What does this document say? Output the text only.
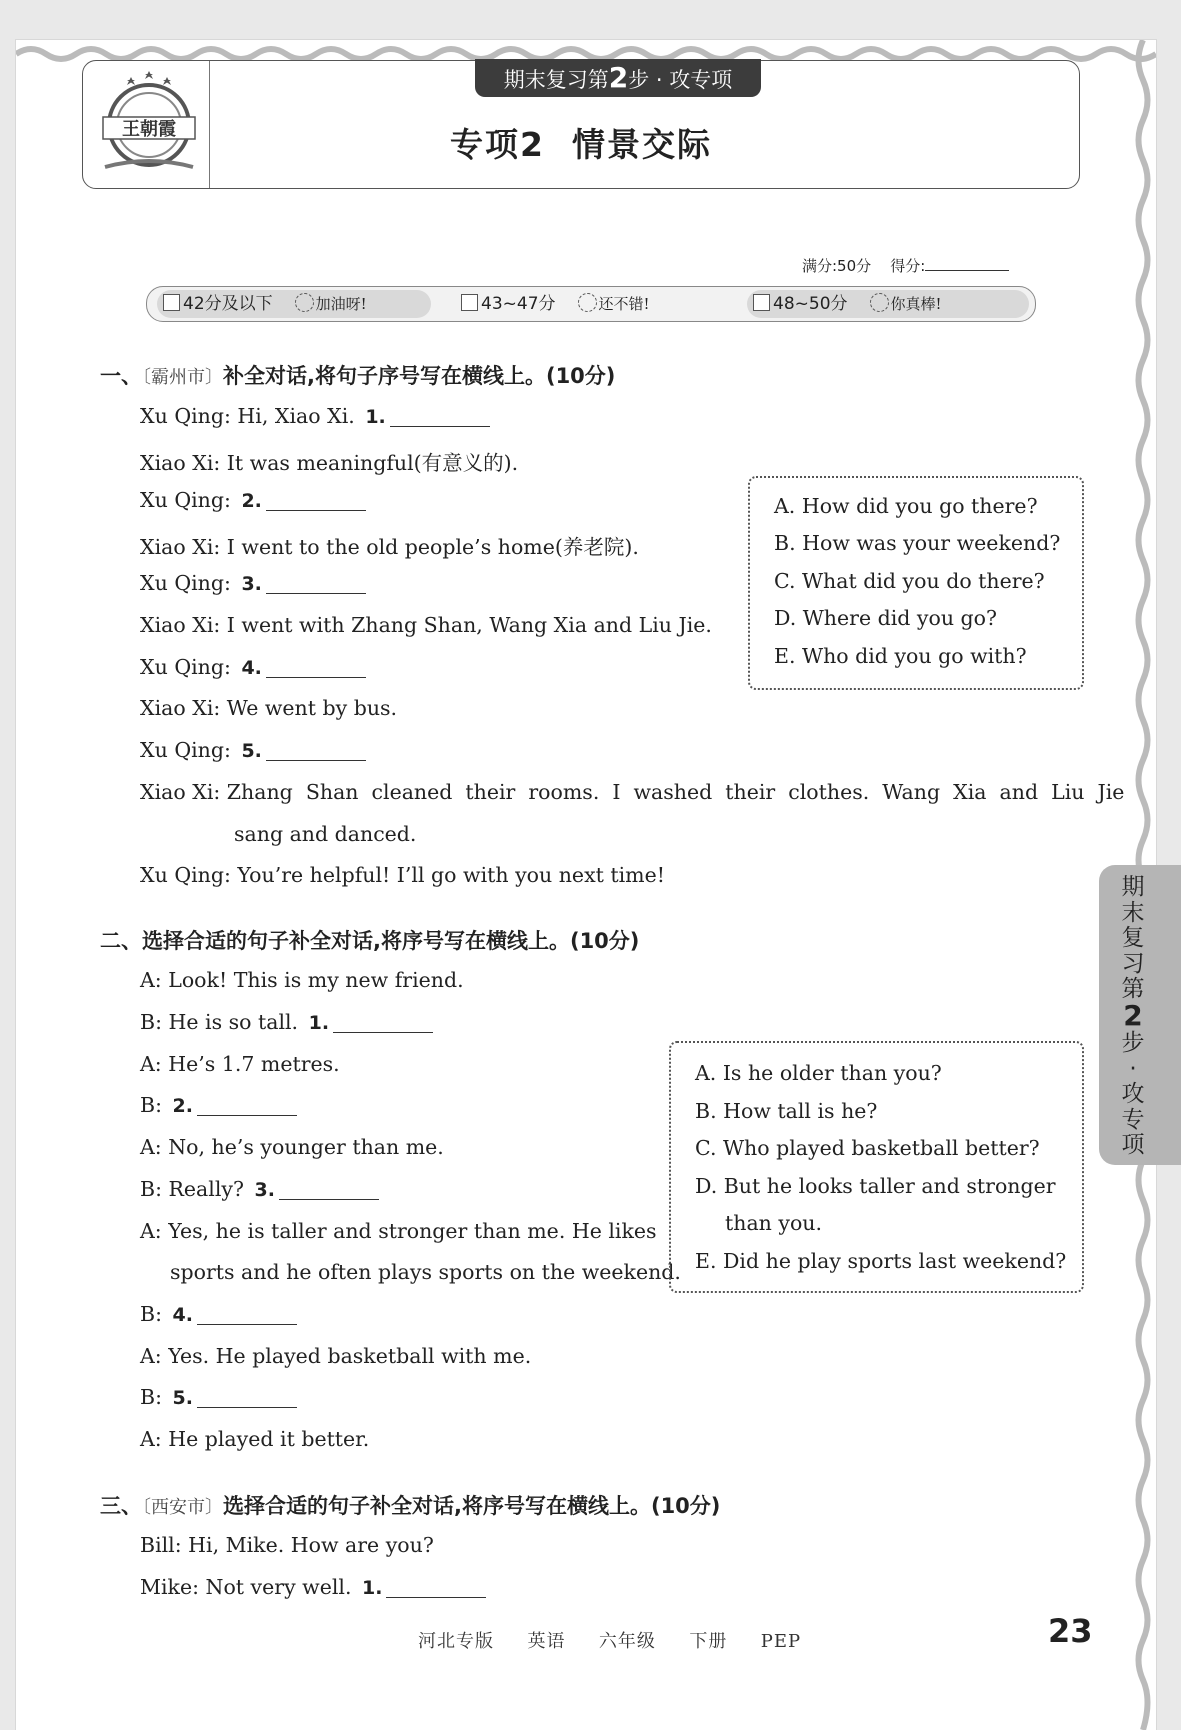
王朝霞
期末复习第2步 · 攻专项
专项2  情景交际
满分:50分 得分:
42分及以下	加油呀!	43~47分	还不错!	48~50分	你真棒!
一、〔霸州市〕补全对话,将句子序号写在横线上。(10分)
Xu Qing: Hi, Xiao Xi. 1.
Xiao Xi: It was meaningful(有意义的).
Xu Qing: 2.
Xiao Xi: I went to the old people’s home(养老院).
Xu Qing: 3.
Xiao Xi: I went with Zhang Shan, Wang Xia and Liu Jie.
Xu Qing: 4.
Xiao Xi: We went by bus.
Xu Qing: 5.
Xiao Xi: Zhang  Shan  cleaned  their  rooms.  I  washed  their  clothes.  Wang  Xia  and  Liu  Jie
sang and danced.
Xu Qing: You’re helpful! I’ll go with you next time!
A. How did you go there?
B. How was your weekend?
C. What did you do there?
D. Where did you go?
E. Who did you go with?
二、选择合适的句子补全对话,将序号写在横线上。(10分)
A: Look! This is my new friend.
B: He is so tall. 1.
A: He’s 1.7 metres.
B: 2.
A: No, he’s younger than me.
B: Really? 3.
A: Yes, he is taller and stronger than me. He likes
sports and he often plays sports on the weekend.
B: 4.
A: Yes. He played basketball with me.
B: 5.
A: He played it better.
A. Is he older than you?
B. How tall is he?
C. Who played basketball better?
D. But he looks taller and stronger
than you.
E. Did he play sports last weekend?
三、〔西安市〕选择合适的句子补全对话,将序号写在横线上。(10分)
Bill: Hi, Mike. How are you?
Mike: Not very well. 1.
期
末
复
习
第
2
步
·
攻
专
项
河北专版  英语  六年级  下册  PEP	23
